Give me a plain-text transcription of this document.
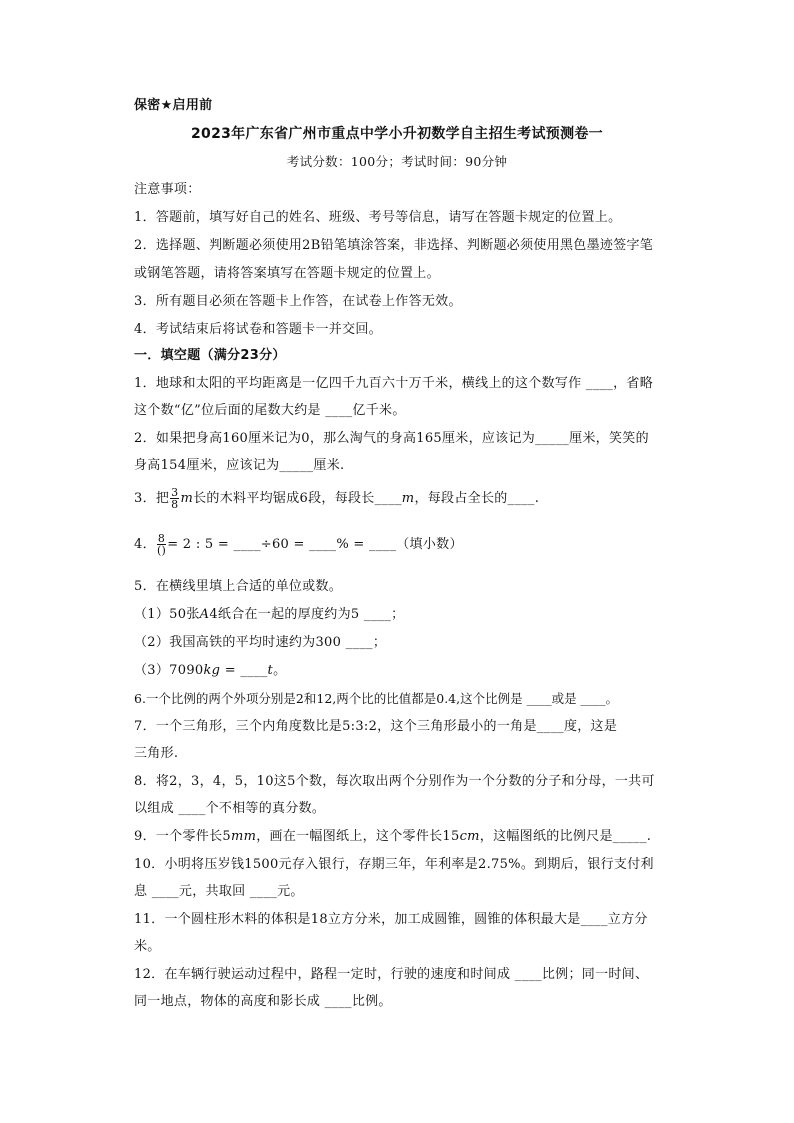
保密★启用前
2023年广东省广州市重点中学小升初数学自主招生考试预测卷一
考试分数：100分；考试时间：90分钟
注意事项：
1．答题前，填写好自己的姓名、班级、考号等信息，请写在答题卡规定的位置上。
2．选择题、判断题必须使用2B铅笔填涂答案，非选择、判断题必须使用黑色墨迹签字笔
或钢笔答题，请将答案填写在答题卡规定的位置上。
3．所有题目必须在答题卡上作答，在试卷上作答无效。
4．考试结束后将试卷和答题卡一并交回。
一．填空题（满分23分）
1．地球和太阳的平均距离是一亿四千九百六十万千米，横线上的这个数写作 ____，省略
这个数“亿”位后面的尾数大约是 ____亿千米。
2．如果把身高160厘米记为0，那么淘气的身高165厘米，应该记为_____厘米，笑笑的
身高154厘米，应该记为_____厘米.
3．把 $\frac{3}{8}$ m长的木料平均锯成6段，每段长____m，每段占全长的____.
4． $\frac{8}{()} = 2$ : 5 = ____÷60 = ____% = ____（填小数）
5．在横线里填上合适的单位或数。
（1）50张A4纸合在一起的厚度约为5 ____；
（2）我国高铁的平均时速约为300 ____；
（3）7090kg = ____t。
6.一个比例的两个外项分别是2和12,两个比的比值都是0.4,这个比例是 ____或是 ____。
7．一个三角形，三个内角度数比是5:3:2，这个三角形最小的一角是____度，这是
三角形.
8．将2，3，4，5，10这5个数，每次取出两个分别作为一个分数的分子和分母，一共可
以组成 ____个不相等的真分数。
9．一个零件长5mm，画在一幅图纸上，这个零件长15cm，这幅图纸的比例尺是_____.
10．小明将压岁钱1500元存入银行，存期三年，年利率是2.75%。到期后，银行支付利
息 ____元，共取回 ____元。
11．一个圆柱形木料的体积是18立方分米，加工成圆锥，圆锥的体积最大是____立方分
米。
12．在车辆行驶运动过程中，路程一定时，行驶的速度和时间成 ____比例；同一时间、
同一地点，物体的高度和影长成 ____比例。
